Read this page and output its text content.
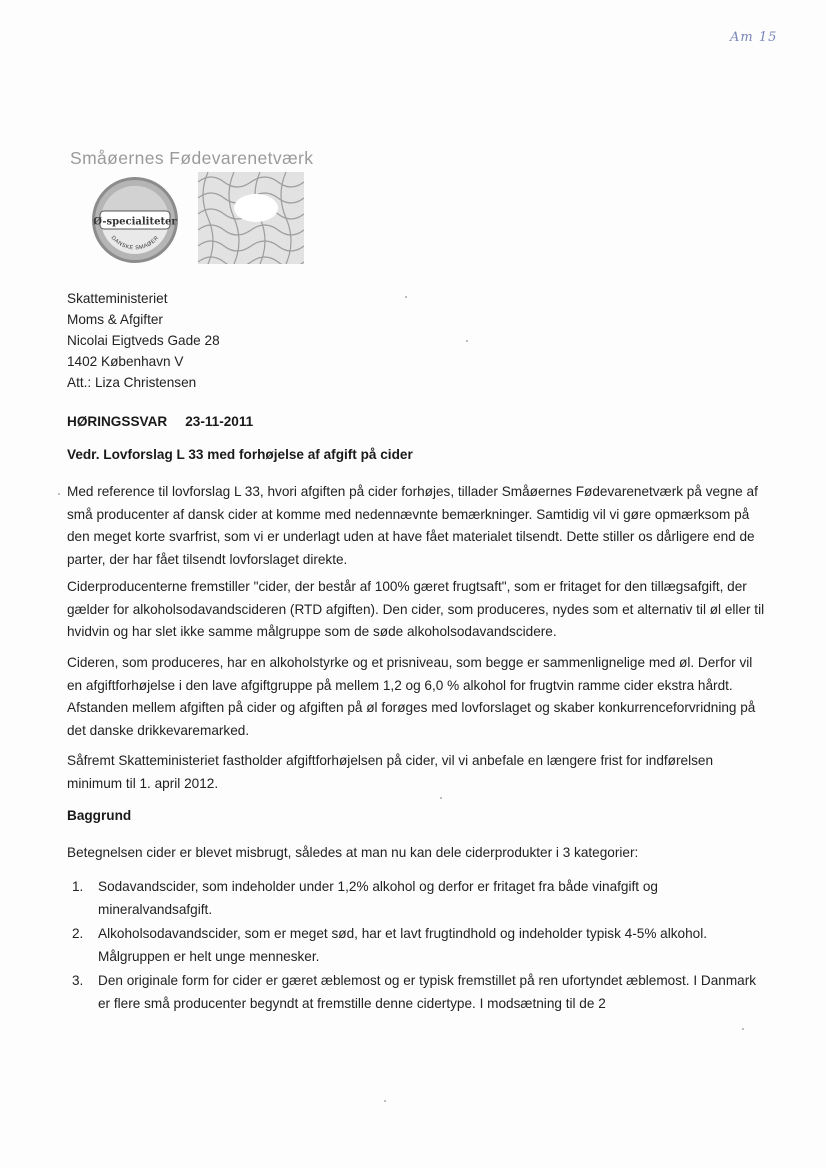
Am 15
Småøernes Fødevarenetværk
Ø-specialiteter
DANSKE SMAØER
Skatteministeriet
Moms & Afgifter
Nicolai Eigtveds Gade 28
1402 København V
Att.: Liza Christensen
HØRINGSSVAR 23-11-2011
Vedr. Lovforslag L 33 med forhøjelse af afgift på cider
Med reference til lovforslag L 33, hvori afgiften på cider forhøjes, tillader Småøernes Fødevarenetværk på vegne af små producenter af dansk cider at komme med nedennævnte bemærkninger. Samtidig vil vi gøre opmærksom på den meget korte svarfrist, som vi er underlagt uden at have fået materialet tilsendt. Dette stiller os dårligere end de parter, der har fået tilsendt lovforslaget direkte.
Ciderproducenterne fremstiller "cider, der består af 100% gæret frugtsaft", som er fritaget for den tillægsafgift, der gælder for alkoholsodavandscideren (RTD afgiften). Den cider, som produceres, nydes som et alternativ til øl eller til hvidvin og har slet ikke samme målgruppe som de søde alkoholsodavandscidere.
Cideren, som produceres, har en alkoholstyrke og et prisniveau, som begge er sammenlignelige med øl. Derfor vil en afgiftforhøjelse i den lave afgiftgruppe på mellem 1,2 og 6,0 % alkohol for frugtvin ramme cider ekstra hårdt. Afstanden mellem afgiften på cider og afgiften på øl forøges med lovforslaget og skaber konkurrenceforvridning på det danske drikkevaremarked.
Såfremt Skatteministeriet fastholder afgiftforhøjelsen på cider, vil vi anbefale en længere frist for indførelsen minimum til 1. april 2012.
Baggrund
Betegnelsen cider er blevet misbrugt, således at man nu kan dele ciderprodukter i 3 kategorier:
1. Sodavandscider, som indeholder under 1,2% alkohol og derfor er fritaget fra både vinafgift og mineralvandsafgift.
2. Alkoholsodavandscider, som er meget sød, har et lavt frugtindhold og indeholder typisk 4-5% alkohol. Målgruppen er helt unge mennesker.
3. Den originale form for cider er gæret æblemost og er typisk fremstillet på ren ufortyndet æblemost. I Danmark er flere små producenter begyndt at fremstille denne cidertype. I modsætning til de 2
